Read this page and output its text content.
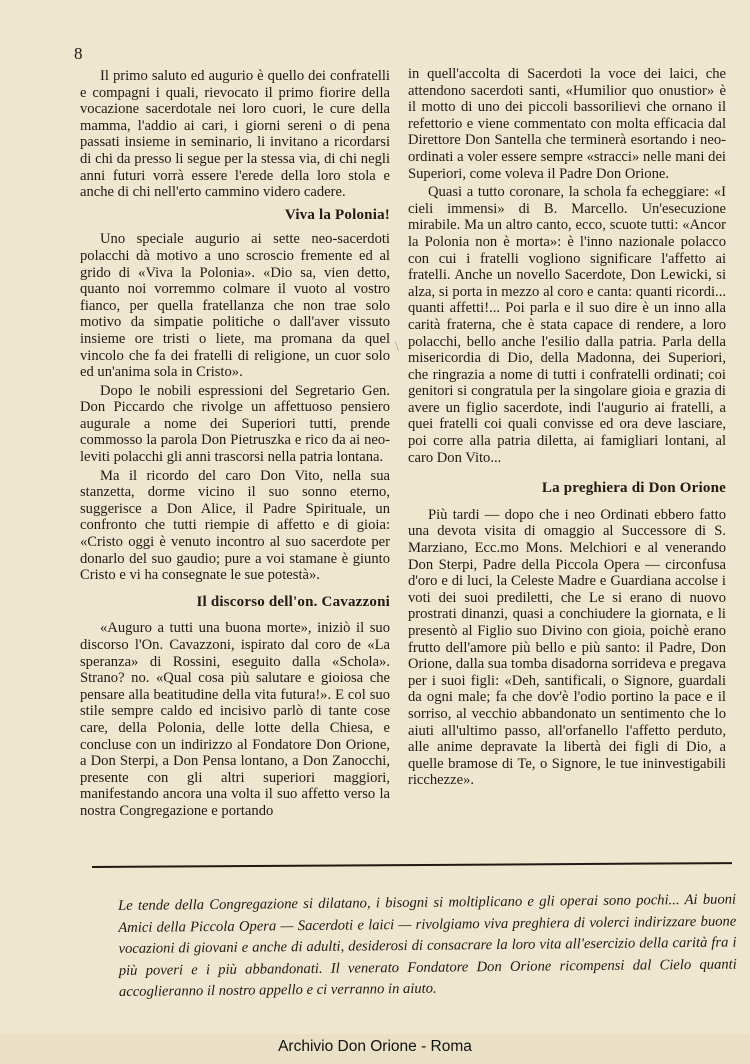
8

Il primo saluto ed augurio è quello dei confratelli e compagni i quali, rievocato il primo fiorire della vocazione sacerdotale nei loro cuori, le cure della mamma, l'addio ai cari, i giorni sereni o di pena passati insieme in seminario, li invitano a ricordarsi di chi da presso li segue per la stessa via, di chi negli anni futuri vorrà essere l'erede della loro stola e anche di chi nell'erto cammino videro cadere.

Viva la Polonia!

Uno speciale augurio ai sette neo-sacerdoti polacchi dà motivo a uno scroscio fremente ed al grido di «Viva la Polonia». «Dio sa, vien detto, quanto noi vorremmo colmare il vuoto al vostro fianco, per quella fratellanza che non trae solo motivo da simpatie politiche o dall'aver vissuto insieme ore tristi o liete, ma promana da quel vincolo che fa dei fratelli di religione, un cuor solo ed un'anima sola in Cristo».

Dopo le nobili espressioni del Segretario Gen. Don Piccardo che rivolge un affettuoso pensiero augurale a nome dei Superiori tutti, prende commosso la parola Don Pietruszka e rico da ai neo-leviti polacchi gli anni trascorsi nella patria lontana.

Ma il ricordo del caro Don Vito, nella sua stanzetta, dorme vicino il suo sonno eterno, suggerisce a Don Alice, il Padre Spirituale, un confronto che tutti riempie di affetto e di gioia: «Cristo oggi è venuto incontro al suo sacerdote per donarlo del suo gaudio; pure a voi stamane è giunto Cristo e vi ha consegnate le sue potestà».

Il discorso dell'on. Cavazzoni

«Auguro a tutti una buona morte», iniziò il suo discorso l'On. Cavazzoni, ispirato dal coro de «La speranza» di Rossini, eseguito dalla «Schola». Strano? no. «Qual cosa più salutare e gioiosa che pensare alla beatitudine della vita futura!». E col suo stile sempre caldo ed incisivo parlò di tante cose care, della Polonia, delle lotte della Chiesa, e concluse con un indirizzo al Fondatore Don Orione, a Don Sterpi, a Don Pensa lontano, a Don Zanocchi, presente con gli altri superiori maggiori, manifestando ancora una volta il suo affetto verso la nostra Congregazione e portando

\

in quell'accolta di Sacerdoti la voce dei laici, che attendono sacerdoti santi, «Humilior quo onustior» è il motto di uno dei piccoli bassorilievi che ornano il refettorio e viene commentato con molta efficacia dal Direttore Don Santella che terminerà esortando i neo-ordinati a voler essere sempre «stracci» nelle mani dei Superiori, come voleva il Padre Don Orione.

Quasi a tutto coronare, la schola fa echeggiare: «I cieli immensi» di B. Marcello. Un'esecuzione mirabile. Ma un altro canto, ecco, scuote tutti: «Ancor la Polonia non è morta»: è l'inno nazionale polacco con cui i fratelli vogliono significare l'affetto ai fratelli. Anche un novello Sacerdote, Don Lewicki, si alza, si porta in mezzo al coro e canta: quanti ricordi... quanti affetti!... Poi parla e il suo dire è un inno alla carità fraterna, che è stata capace di rendere, a loro polacchi, bello anche l'esilio dalla patria. Parla della misericordia di Dio, della Madonna, dei Superiori, che ringrazia a nome di tutti i confratelli ordinati; coi genitori si congratula per la singolare gioia e grazia di avere un figlio sacerdote, indi l'augurio ai fratelli, a quei fratelli coi quali convisse ed ora deve lasciare, poi corre alla patria diletta, ai famigliari lontani, al caro Don Vito...

La preghiera di Don Orione

Più tardi — dopo che i neo Ordinati ebbero fatto una devota visita di omaggio al Successore di S. Marziano, Ecc.mo Mons. Melchiori e al venerando Don Sterpi, Padre della Piccola Opera — circonfusa d'oro e di luci, la Celeste Madre e Guardiana accolse i voti dei suoi prediletti, che Le si erano di nuovo prostrati dinanzi, quasi a conchiudere la giornata, e li presentò al Figlio suo Divino con gioia, poichè erano frutto dell'amore più bello e più santo: il Padre, Don Orione, dalla sua tomba disadorna sorrideva e pregava per i suoi figli: «Deh, santificali, o Signore, guardali da ogni male; fa che dov'è l'odio portino la pace e il sorriso, al vecchio abbandonato un sentimento che lo aiuti all'ultimo passo, all'orfanello l'affetto perduto, alle anime depravate la libertà dei figli di Dio, a quelle bramose di Te, o Signore, le tue ininvestigabili ricchezze».

Le tende della Congregazione si dilatano, i bisogni si moltiplicano e gli operai sono pochi... Ai buoni Amici della Piccola Opera — Sacerdoti e laici — rivolgiamo viva preghiera di volerci indirizzare buone vocazioni di giovani e anche di adulti, desiderosi di consacrare la loro vita all'esercizio della carità fra i più poveri e i più abbandonati. Il venerato Fondatore Don Orione ricompensi dal Cielo quanti accoglieranno il nostro appello e ci verranno in aiuto.

Archivio Don Orione - Roma
